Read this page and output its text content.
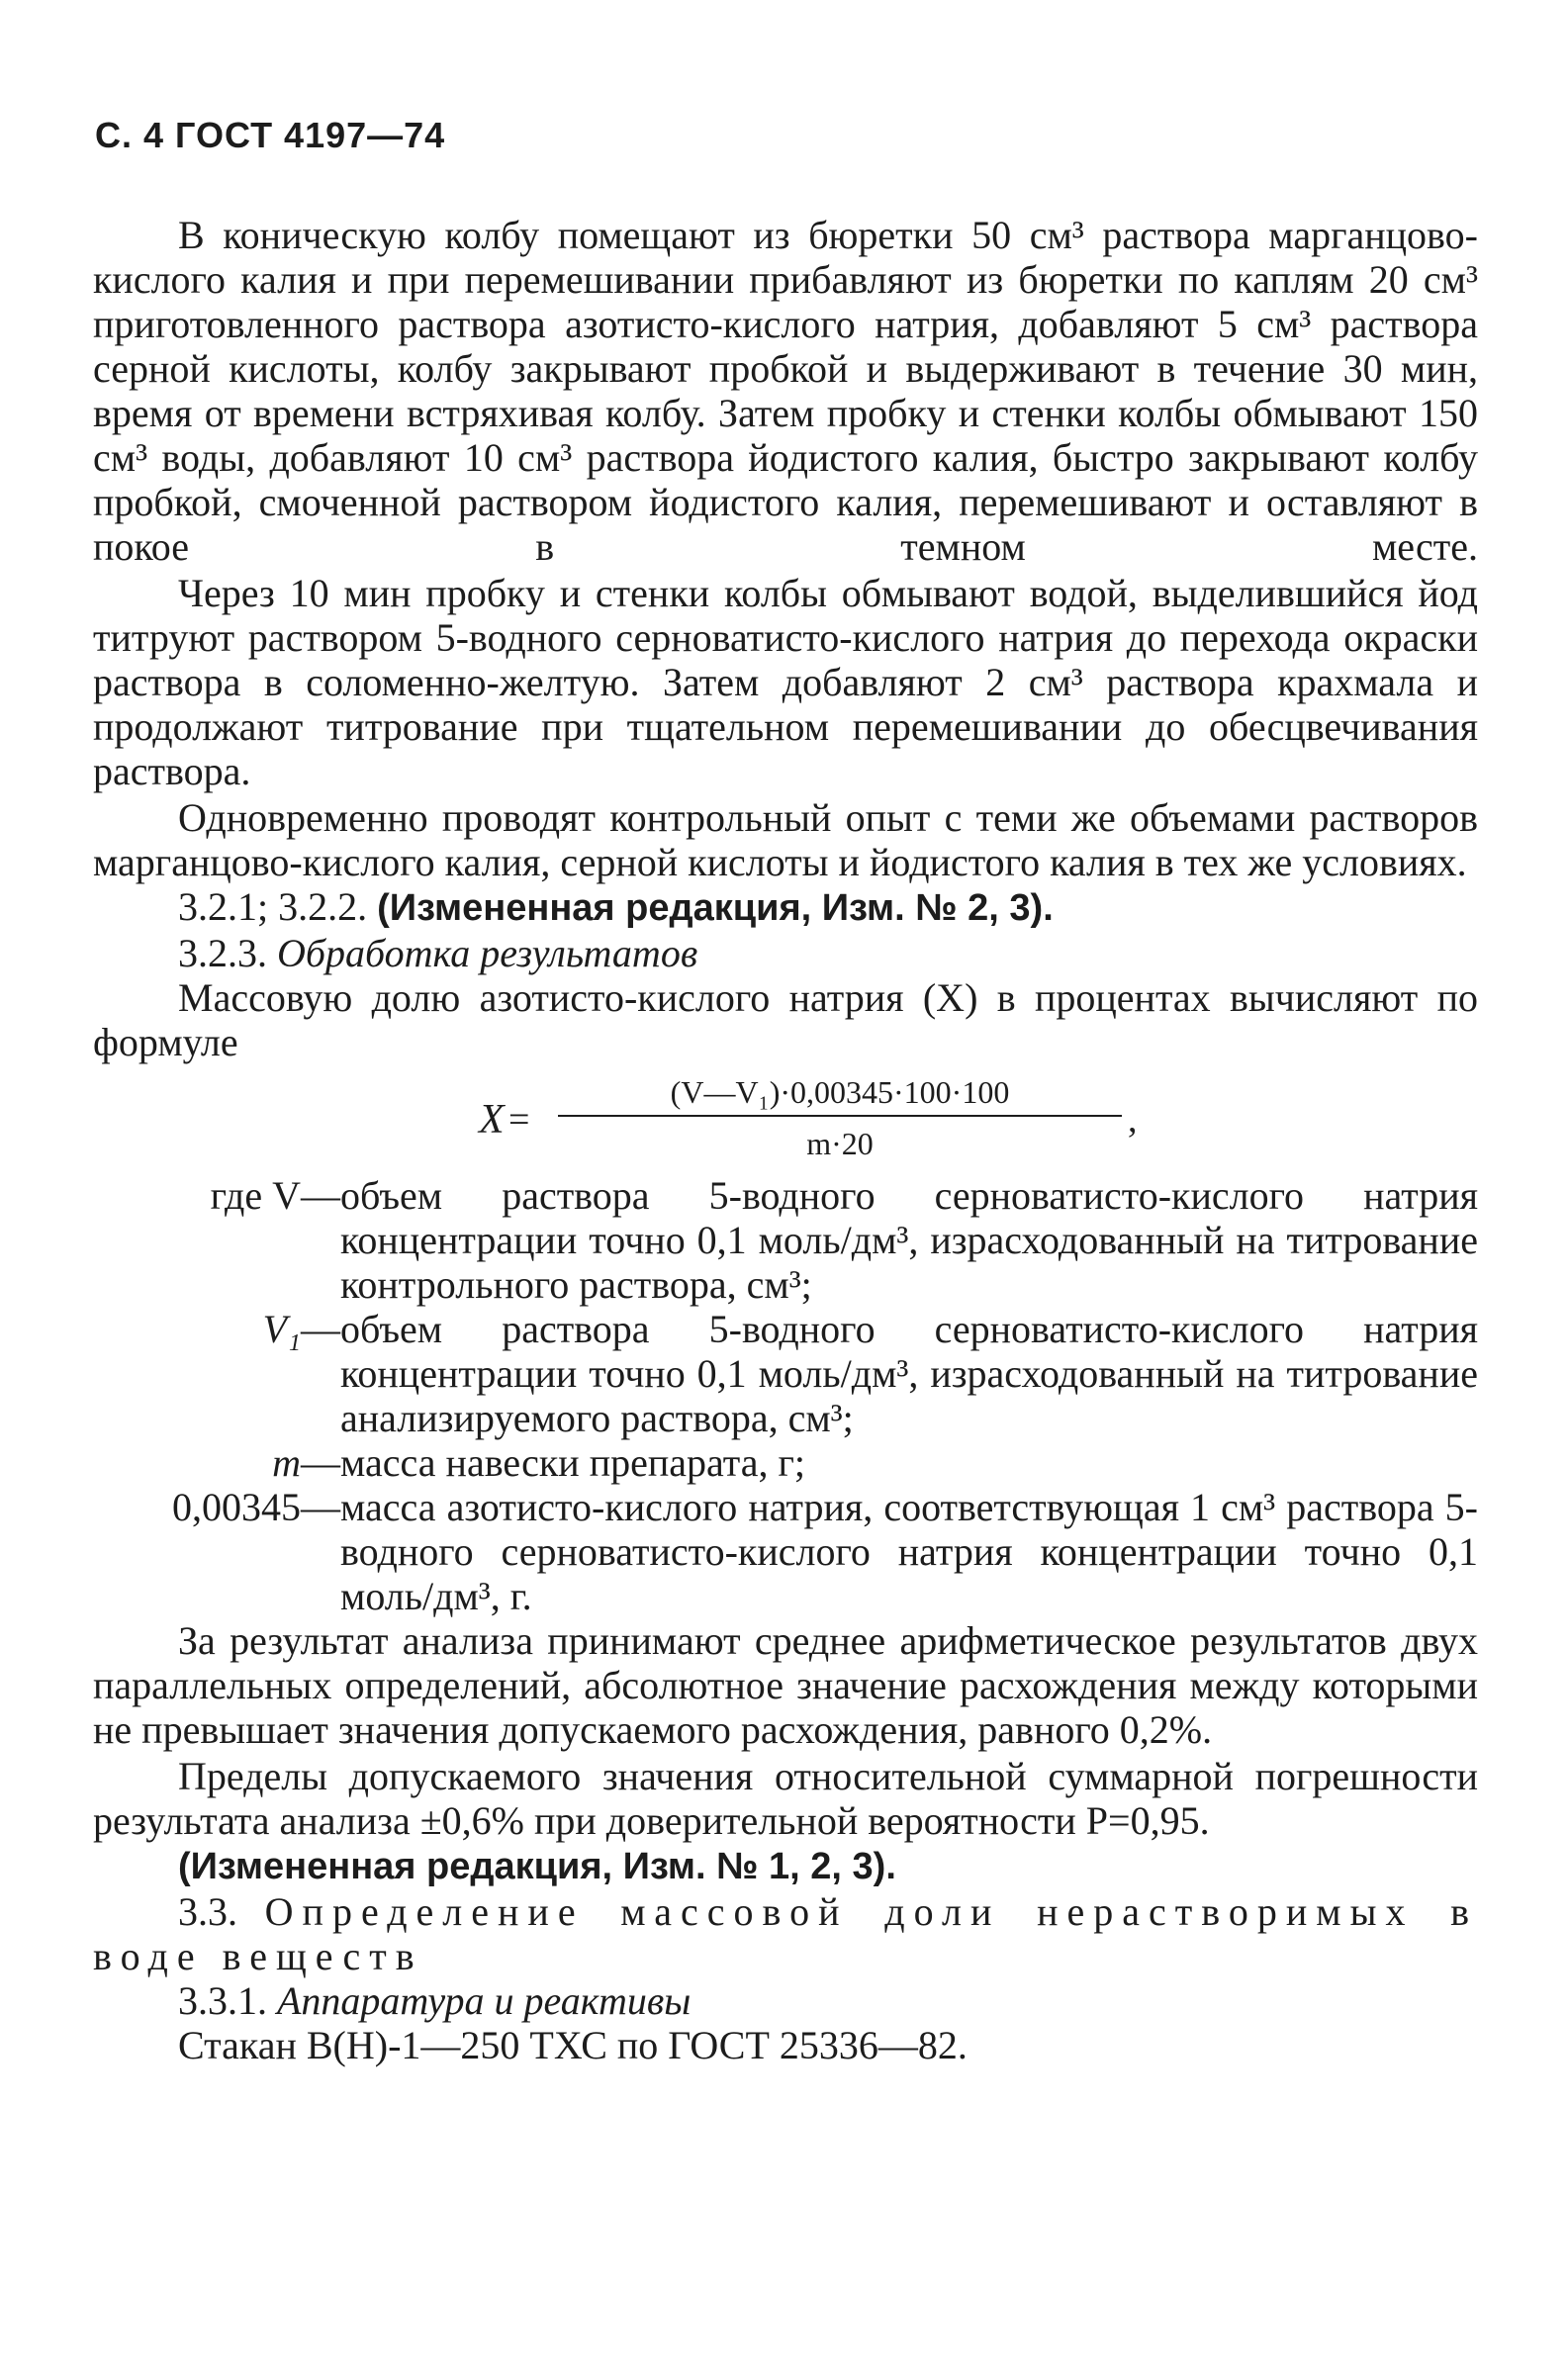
С. 4 ГОСТ 4197—74

В коническую колбу помещают из бюретки 50 см³ раствора марганцово-кислого калия и при перемешивании прибавляют из бюретки по каплям 20 см³ приготовленного раствора азотисто-кислого натрия, добавляют 5 см³ раствора серной кислоты, колбу закрывают пробкой и выдерживают в течение 30 мин, время от времени встряхивая колбу. Затем пробку и стенки колбы обмывают 150 см³ воды, добавляют 10 см³ раствора йодистого калия, быстро закрывают колбу пробкой, смоченной раствором йодистого калия, перемешивают и оставляют в покое в темном месте.

Через 10 мин пробку и стенки колбы обмывают водой, выделившийся йод титруют раствором 5-водного серноватисто-кислого натрия до перехода окраски раствора в соломенно-желтую. Затем добавляют 2 см³ раствора крахмала и продолжают титрование при тщательном перемешивании до обесцвечивания раствора.

Одновременно проводят контрольный опыт с теми же объемами растворов марганцово-кислого калия, серной кислоты и йодистого калия в тех же условиях.

3.2.1; 3.2.2. (Измененная редакция, Изм. № 2, 3).

3.2.3. Обработка результатов

Массовую долю азотисто-кислого натрия (X) в процентах вычисляют по формуле

X =
(V—V₁)·0,00345·100·100
m·20
,
где V — объем раствора 5-водного серноватисто-кислого натрия концентрации точно 0,1 моль/дм³, израсходованный на титрование контрольного раствора, см³;
V₁ — объем раствора 5-водного серноватисто-кислого натрия концентрации точно 0,1 моль/дм³, израсходованный на титрование анализируемого раствора, см³;
m — масса навески препарата, г;
0,00345 — масса азотисто-кислого натрия, соответствующая 1 см³ раствора 5-водного серноватисто-кислого натрия концентрации точно 0,1 моль/дм³, г.

За результат анализа принимают среднее арифметическое результатов двух параллельных определений, абсолютное значение расхождения между которыми не превышает значения допускаемого расхождения, равного 0,2%.

Пределы допускаемого значения относительной суммарной погрешности результата анализа ±0,6% при доверительной вероятности P=0,95.

(Измененная редакция, Изм. № 1, 2, 3).

3.3. Определение массовой доли нерастворимых в воде веществ

3.3.1. Аппаратура и реактивы

Стакан В(Н)-1—250 ТХС по ГОСТ 25336—82.
